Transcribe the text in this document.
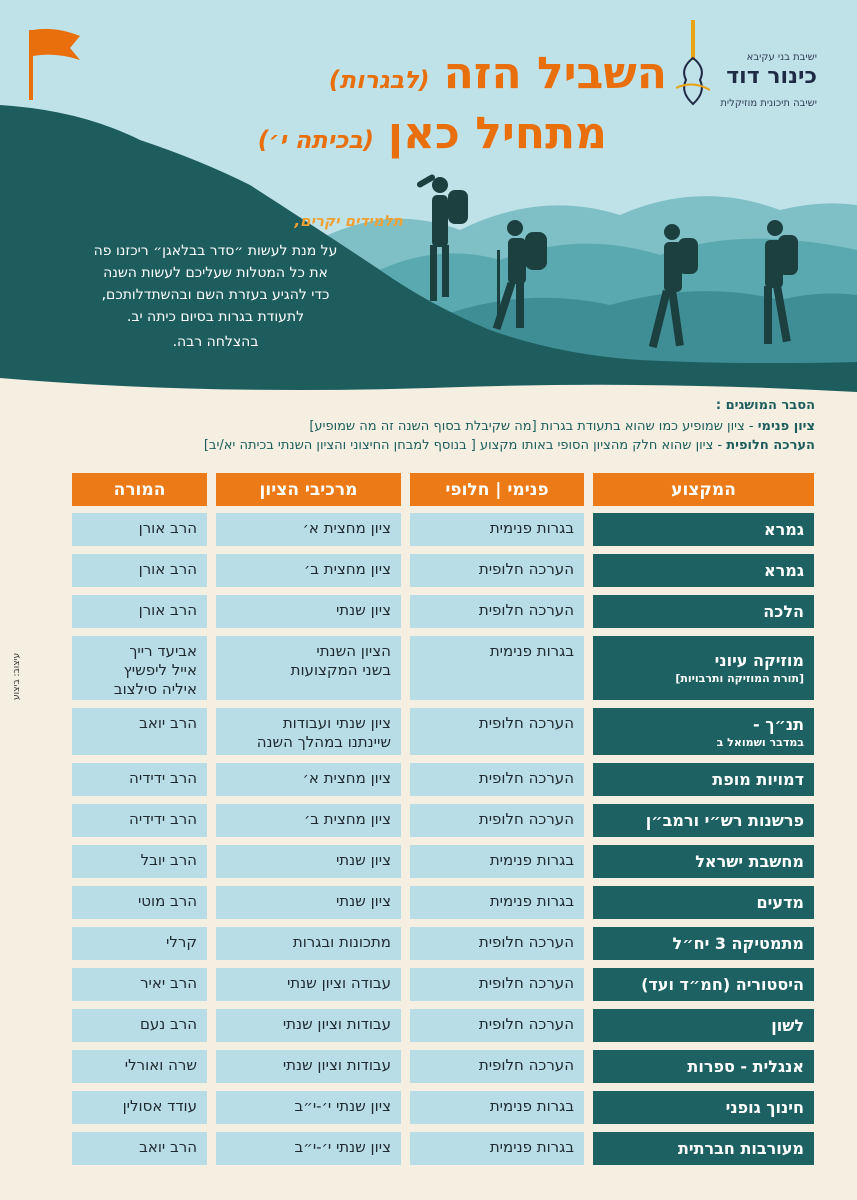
ישיבת בני עקיבא
כינור דוד
ישיבה תיכונית מוזיקלית
השביל הזה(לבגרות)
מתחיל כאן(בכיתה י׳)
תלמידים יקרים,
על מנת לעשות ״סדר בבלאגן״ ריכזנו פה
את כל המטלות שעליכם לעשות השנה
כדי להגיע בעזרת השם ובהשתדלותכם,
לתעודת בגרות בסיום כיתה יב.
בהצלחה רבה.
הסבר המושגים :
ציון פנימי - ציון שמופיע כמו שהוא בתעודת בגרות [מה שקיבלת בסוף השנה זה מה שמופיע]
הערכה חלופית - ציון שהוא חלק מהציון הסופי באותו מקצוע [ בנוסף למבחן החיצוני והציון השנתי בכיתה יא/יב]
המקצוע
פנימי | חלופי
מרכיבי הציון
המורה
גמרא
בגרות פנימית
ציון מחצית א׳
הרב אורן
גמרא
הערכה חלופית
ציון מחצית ב׳
הרב אורן
הלכה
הערכה חלופית
ציון שנתי
הרב אורן
מוזיקה עיוני
[תורת המוזיקה ותרבויות]
בגרות פנימית
הציון השנתי
בשני המקצועות
אביעד רייך
אייל ליפשיץ
איליה סילצוב
תנ״ך -
במדבר ושמואל ב
הערכה חלופית
ציון שנתי ועבודות
שיינתנו במהלך השנה
הרב יואב
דמויות מופת
הערכה חלופית
ציון מחצית א׳
הרב ידידיה
פרשנות רש״י ורמב״ן
הערכה חלופית
ציון מחצית ב׳
הרב ידידיה
מחשבת ישראל
בגרות פנימית
ציון שנתי
הרב יובל
מדעים
בגרות פנימית
ציון שנתי
הרב מוטי
מתמטיקה 3 יח״ל
הערכה חלופית
מתכונות ובגרות
קרלי
היסטוריה (חמ״ד ועד)
הערכה חלופית
עבודה וציון שנתי
הרב יאיר
לשון
הערכה חלופית
עבודות וציון שנתי
הרב נעם
אנגלית - ספרות
הערכה חלופית
עבודות וציון שנתי
שרה ואורלי
חינוך גופני
בגרות פנימית
ציון שנתי י׳-י״ב
עודד אסולין
מעורבות חברתית
בגרות פנימית
ציון שנתי י׳-י״ב
הרב יואב
עיצוב: ביצוע
